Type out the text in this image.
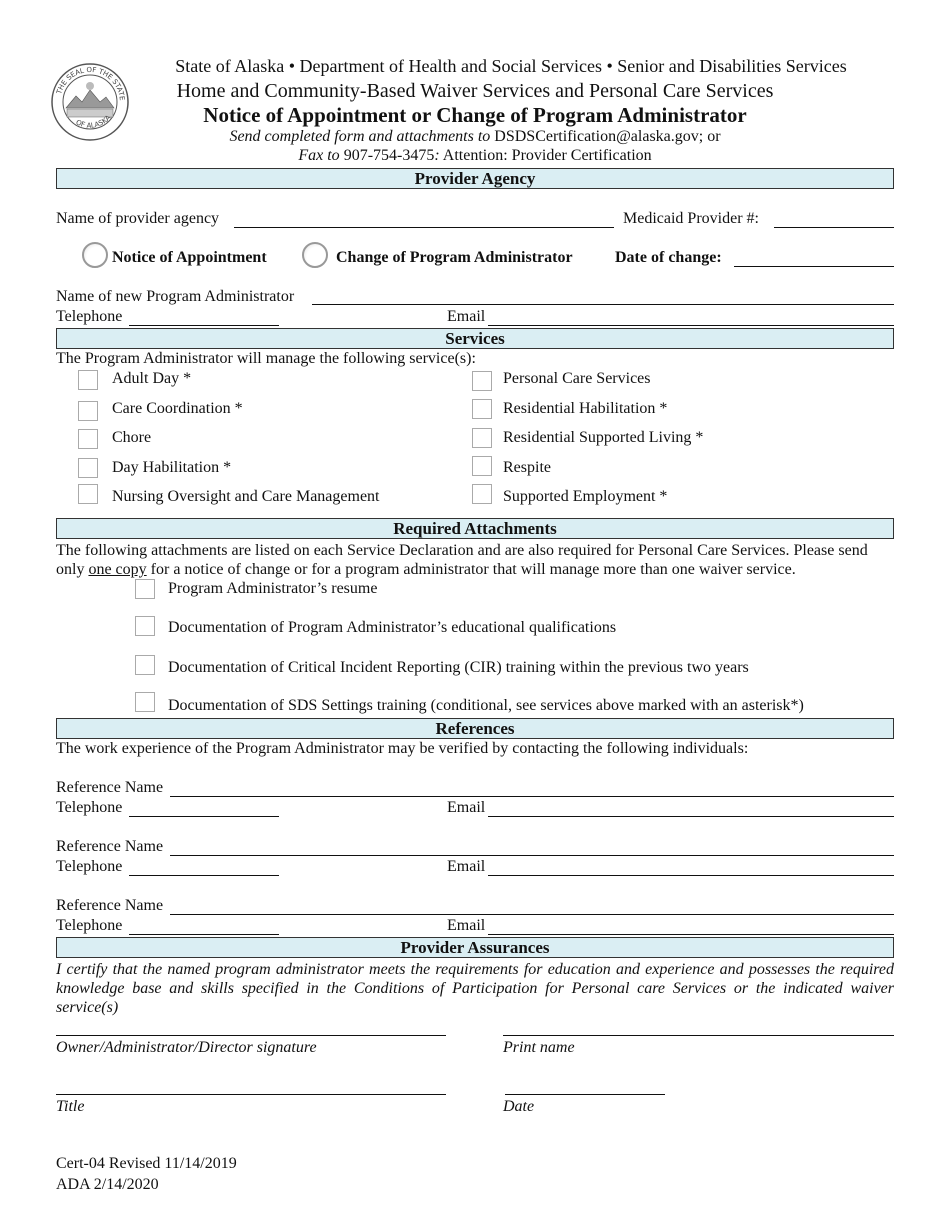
THE SEAL OF THE STATE
OF ALASKA
State of Alaska • Department of Health and Social Services • Senior and Disabilities Services
Home and Community-Based Waiver Services and Personal Care Services
Notice of Appointment or Change of Program Administrator
Send completed form and attachments to DSDSCertification@alaska.gov; or
Fax to 907-754-3475: Attention: Provider Certification
Provider Agency
Name of provider agency	Medicaid Provider #:
Notice of Appointment	Change of Program Administrator	Date of change:
Name of new Program Administrator
Telephone	Email
Services
The Program Administrator will manage the following service(s):
Adult Day *
Care Coordination *
Chore
Day Habilitation *
Nursing Oversight and Care Management
Personal Care Services
Residential Habilitation *
Residential Supported Living *
Respite
Supported Employment *
Required Attachments
The following attachments are listed on each Service Declaration and are also required for Personal Care Services. Please send only one copy for a notice of change or for a program administrator that will manage more than one waiver service.
Program Administrator’s resume
Documentation of Program Administrator’s educational qualifications
Documentation of Critical Incident Reporting (CIR) training within the previous two years
Documentation of SDS Settings training (conditional, see services above marked with an asterisk*)
References
The work experience of the Program Administrator may be verified by contacting the following individuals:
Reference Name
Telephone	Email
Reference Name
Telephone	Email
Reference Name
Telephone	Email
Provider Assurances
I certify that the named program administrator meets the requirements for education and experience and possesses the required knowledge base and skills specified in the Conditions of Participation for Personal care Services or the indicated waiver service(s)
Owner/Administrator/Director signature	Print name
Title	Date
Cert-04 Revised 11/14/2019
ADA 2/14/2020
